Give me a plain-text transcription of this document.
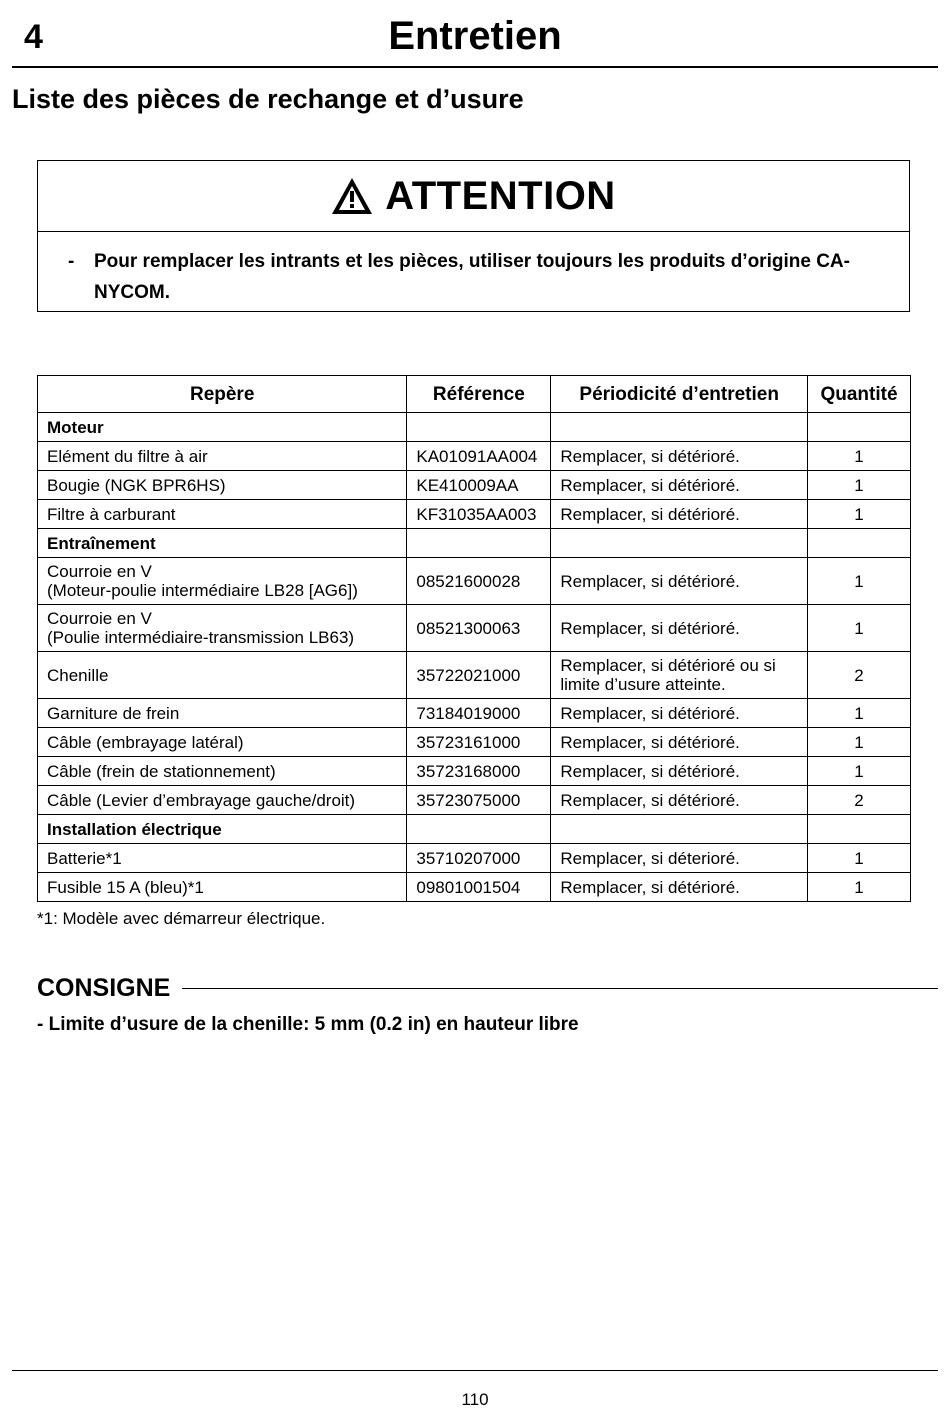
4	Entretien
Liste des pièces de rechange et d’usure
ATTENTION
- Pour remplacer les intrants et les pièces, utiliser toujours les produits d’origine CA-
NYCOM.
Repère	Référence	Périodicité d’entretien	Quantité
Moteur			

Elément du filtre à air	KA01091AA004	Remplacer, si détérioré.	1

Bougie (NGK BPR6HS)	KE410009AA	Remplacer, si détérioré.	1

Filtre à carburant	KF31035AA003	Remplacer, si détérioré.	1
Entraînement			

Courroie en V
(Moteur-poulie intermédiaire LB28 [AG6])	08521600028	Remplacer, si détérioré.	1

Courroie en V
(Poulie intermédiaire-transmission LB63)	08521300063	Remplacer, si détérioré.	1

Chenille	35722021000	Remplacer, si détérioré ou si
limite d’usure atteinte.	2

Garniture de frein	73184019000	Remplacer, si détérioré.	1

Câble (embrayage latéral)	35723161000	Remplacer, si détérioré.	1

Câble (frein de stationnement)	35723168000	Remplacer, si détérioré.	1

Câble (Levier d’embrayage gauche/droit)	35723075000	Remplacer, si détérioré.	2
Installation électrique			

Batterie*1	35710207000	Remplacer, si déterioré.	1

Fusible 15 A (bleu)*1	09801001504	Remplacer, si détérioré.	1
*1: Modèle avec démarreur électrique.
CONSIGNE
- Limite d’usure de la chenille: 5 mm (0.2 in) en hauteur libre
110
